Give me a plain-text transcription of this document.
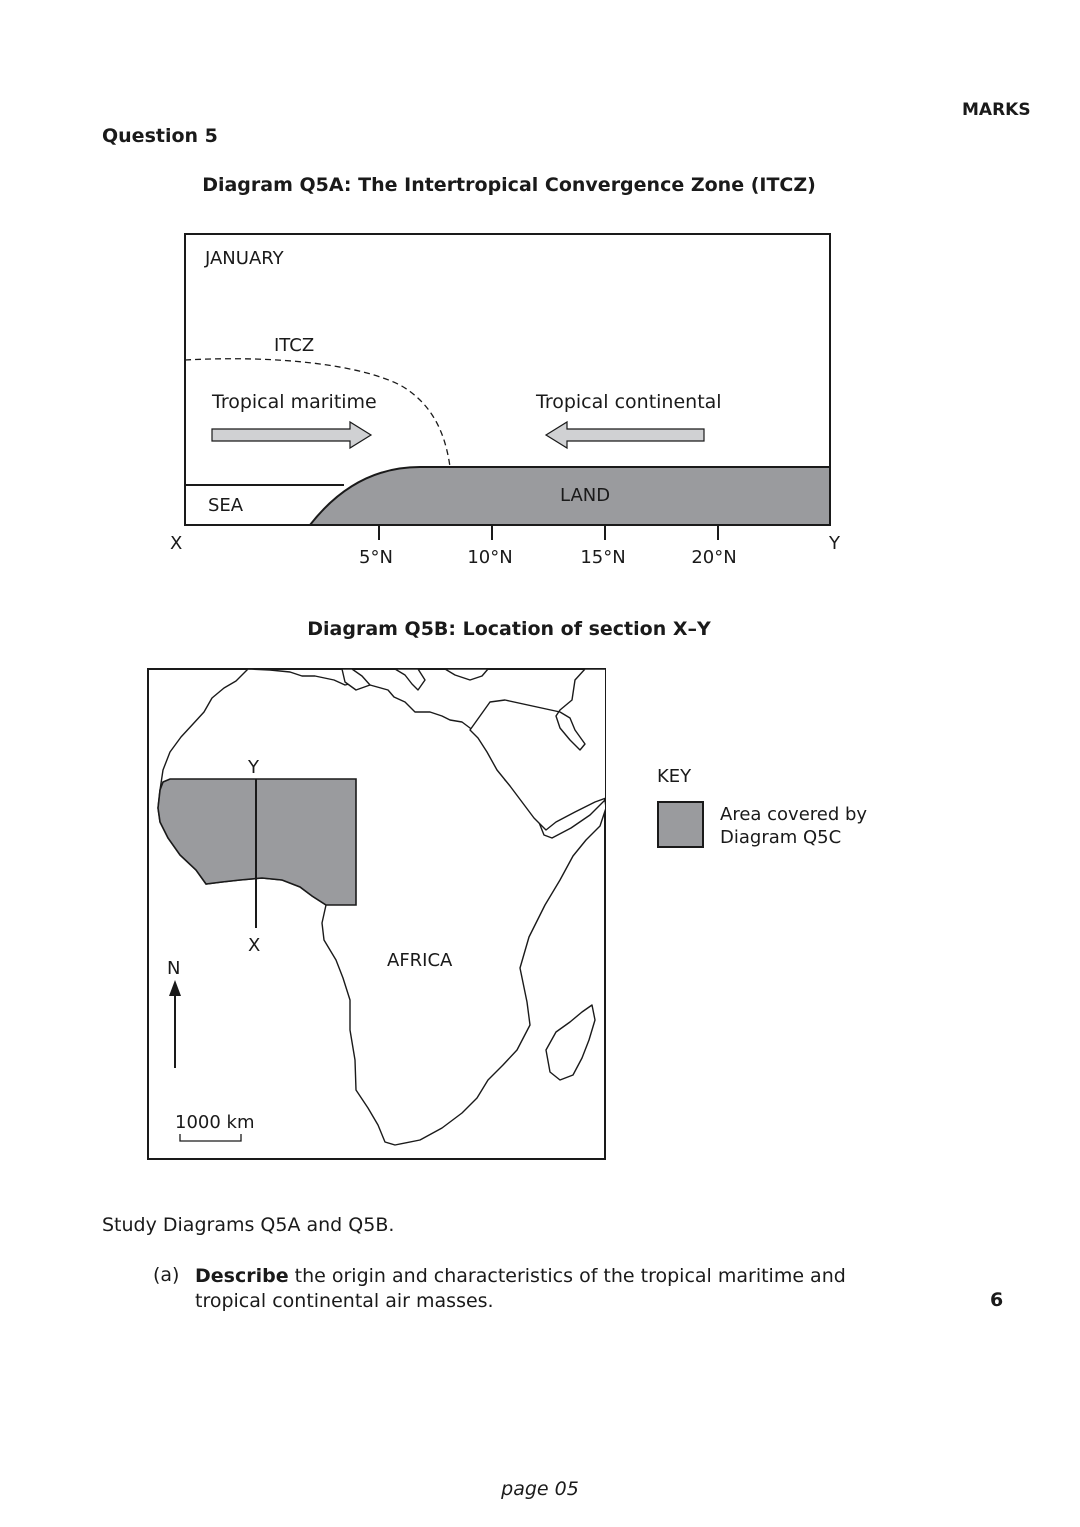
MARKS
Question 5
Diagram Q5A: The Intertropical Convergence Zone (ITCZ)
JANUARY
ITCZ
Tropical maritime	Tropical continental
SEA	LAND
X	Y
5°N	10°N	15°N	20°N
Diagram Q5B: Location of section X–Y
Y
X
AFRICA
N
1000 km
KEY
Area covered by Diagram Q5C
Study Diagrams Q5A and Q5B.
(a) Describe the origin and characteristics of the tropical maritime and tropical continental air masses.	6
page 05
